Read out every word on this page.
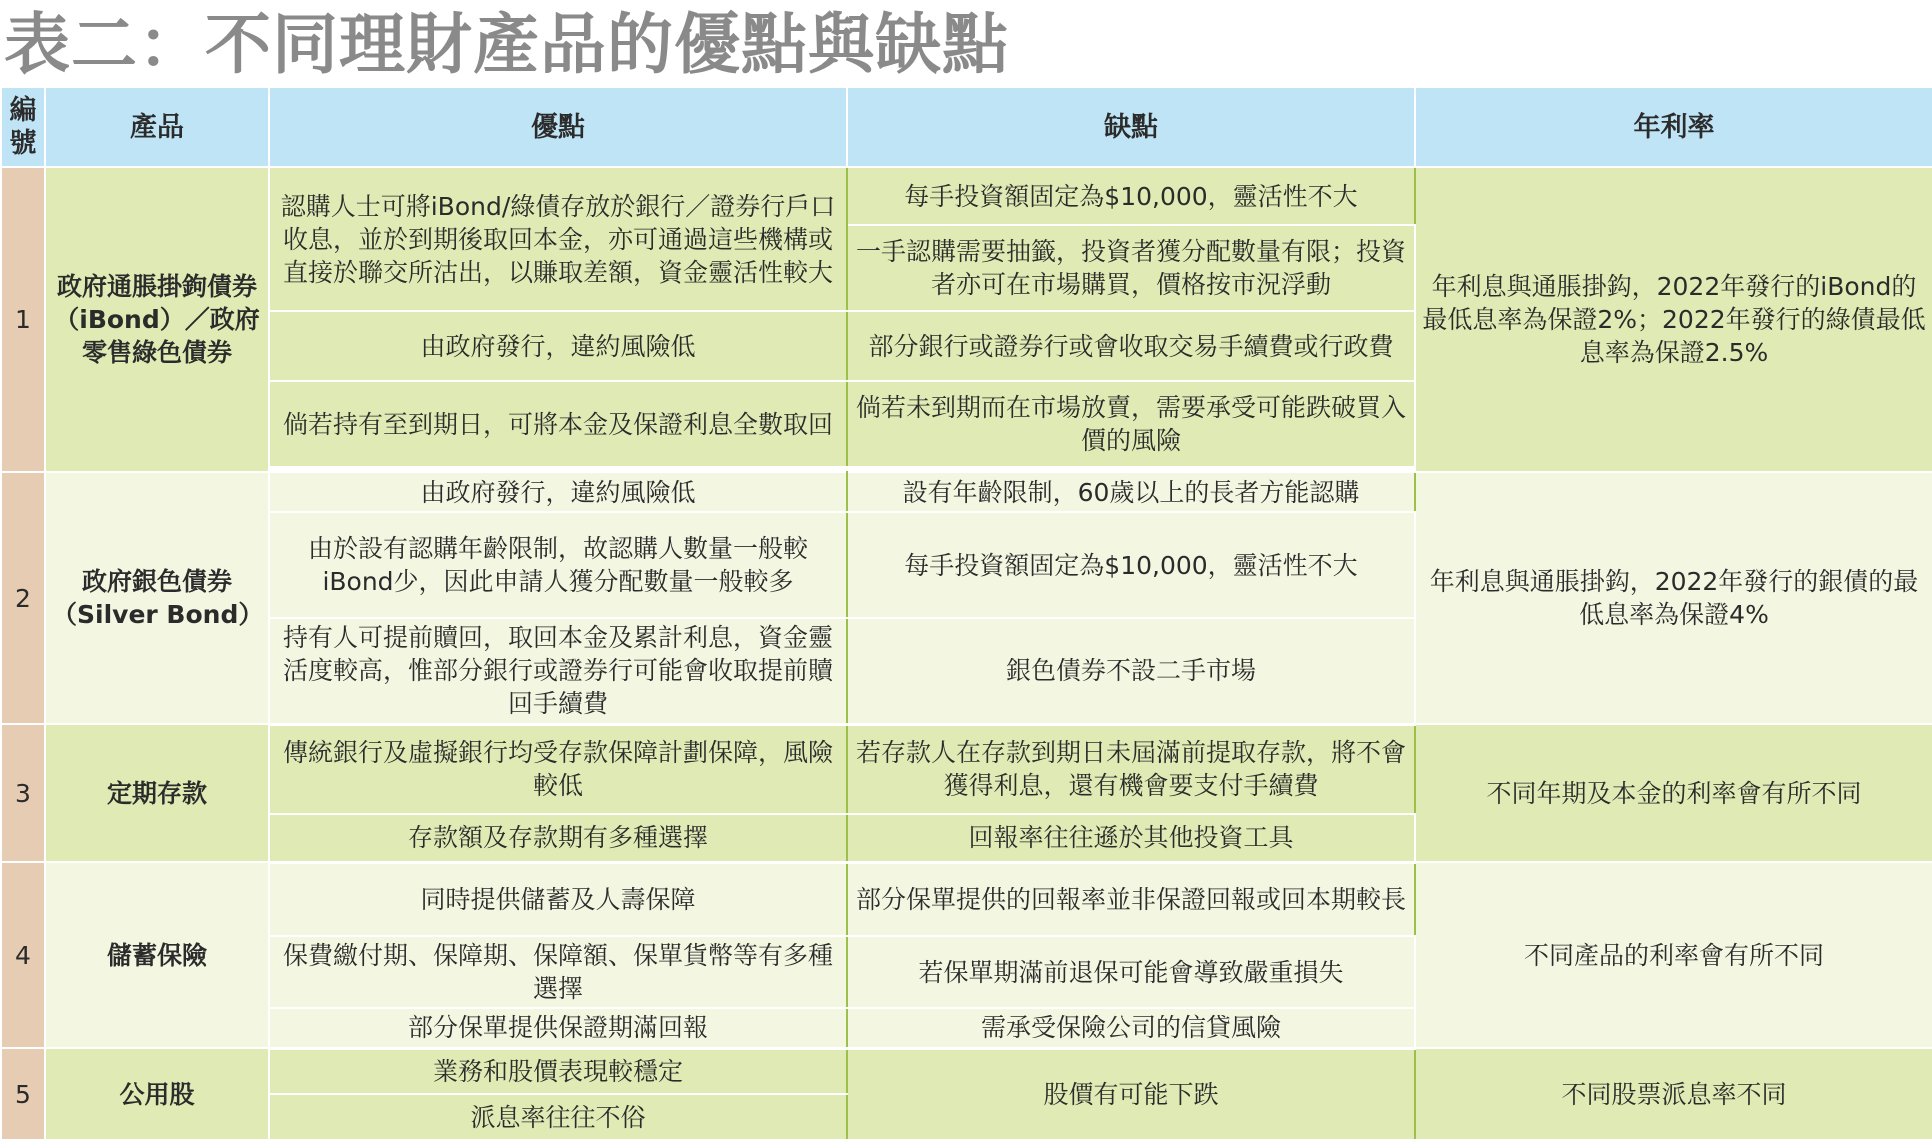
表二：不同理財產品的優點與缺點
編號	產品	優點	缺點	年利率
1	政府通脹掛鉤債券（iBond）／政府零售綠色債券	認購人士可將iBond/綠債存放於銀行／證券行戶口收息，並於到期後取回本金，亦可通過這些機構或直接於聯交所沽出，以賺取差額，資金靈活性較大	每手投資額固定為$10,000，靈活性不大	年利息與通脹掛鈎，2022年發行的iBond的最低息率為保證2%；2022年發行的綠債最低息率為保證2.5%
			一手認購需要抽籤，投資者獲分配數量有限；投資者亦可在市場購買，價格按市況浮動	
		由政府發行，違約風險低	部分銀行或證券行或會收取交易手續費或行政費	
		倘若持有至到期日，可將本金及保證利息全數取回	倘若未到期而在市場放賣，需要承受可能跌破買入價的風險	

2	政府銀色債券（Silver Bond）	由政府發行，違約風險低	設有年齡限制，60歲以上的長者方能認購	年利息與通脹掛鈎，2022年發行的銀債的最低息率為保證4%
		由於設有認購年齡限制，故認購人數量一般較iBond少，因此申請人獲分配數量一般較多	每手投資額固定為$10,000，靈活性不大	
		持有人可提前贖回，取回本金及累計利息，資金靈活度較高，惟部分銀行或證券行可能會收取提前贖回手續費	銀色債券不設二手市場	
3	定期存款	傳統銀行及虛擬銀行均受存款保障計劃保障，風險較低	若存款人在存款到期日未屆滿前提取存款，將不會獲得利息，還有機會要支付手續費	不同年期及本金的利率會有所不同
		存款額及存款期有多種選擇	回報率往往遜於其他投資工具	
4	儲蓄保險	同時提供儲蓄及人壽保障	部分保單提供的回報率並非保證回報或回本期較長	不同產品的利率會有所不同
		保費繳付期、保障期、保障額、保單貨幣等有多種選擇	若保單期滿前退保可能會導致嚴重損失	
		部分保單提供保證期滿回報	需承受保險公司的信貸風險	
5	公用股	業務和股價表現較穩定	股價有可能下跌	不同股票派息率不同
		派息率往往不俗		
